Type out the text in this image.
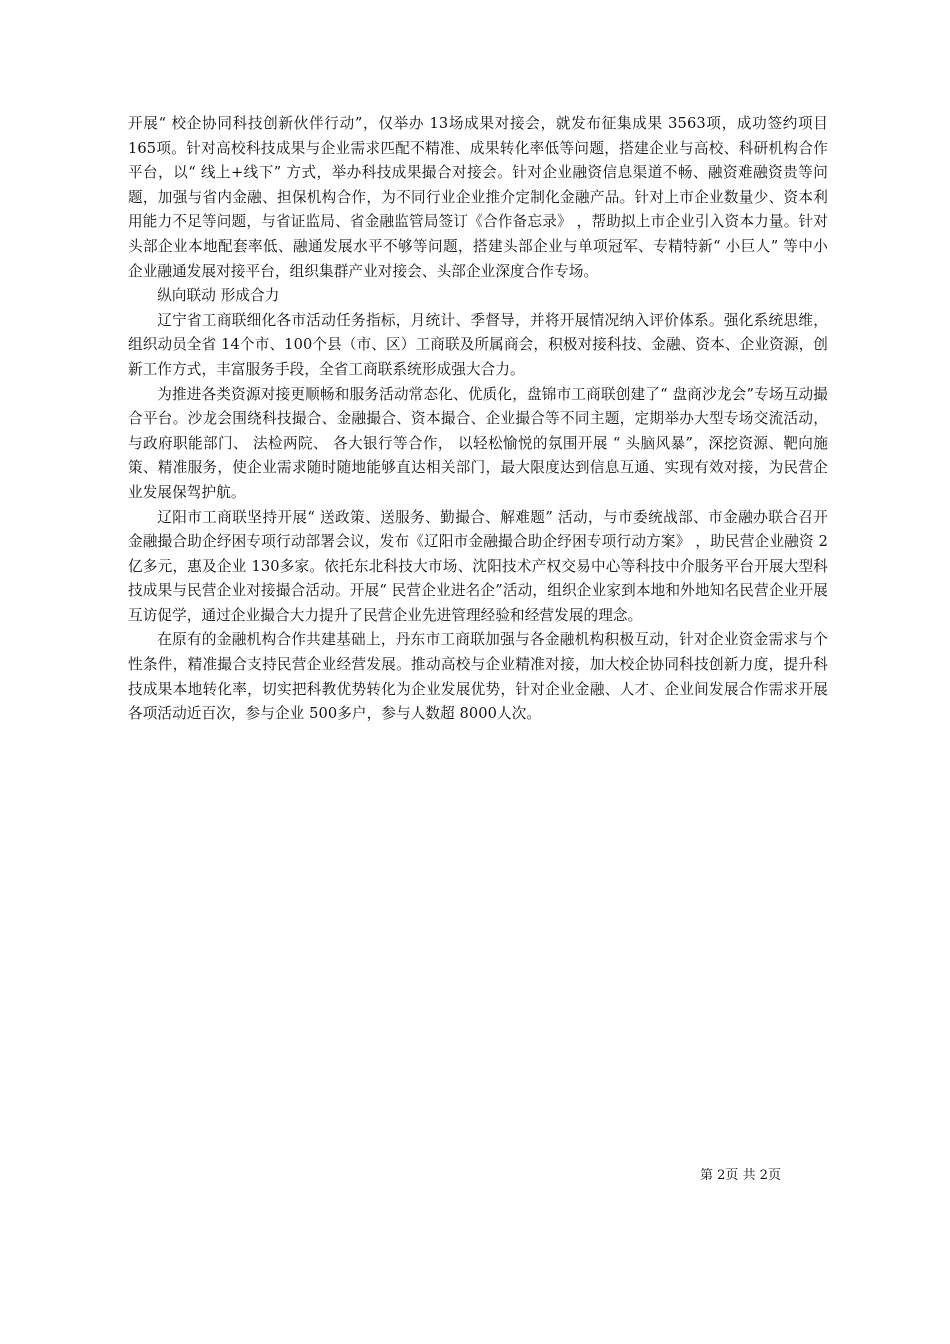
开展“ 校企协同科技创新伙伴行动”，仅举办 13场成果对接会，就发布征集成果 3563项，成功签约项目 165项。针对高校科技成果与企业需求匹配不精准、成果转化率低等问题，搭建企业与高校、科研机构合作平台，以“ 线上+线下” 方式，举办科技成果撮合对接会。针对企业融资信息渠道不畅、融资难融资贵等问题，加强与省内金融、担保机构合作，为不同行业企业推介定制化金融产品。针对上市企业数量少、资本利用能力不足等问题，与省证监局、省金融监管局签订《合作备忘录》 ，帮助拟上市企业引入资本力量。针对头部企业本地配套率低、融通发展水平不够等问题，搭建头部企业与单项冠军、专精特新“ 小巨人” 等中小企业融通发展对接平台，组织集群产业对接会、头部企业深度合作专场。

纵向联动 形成合力

辽宁省工商联细化各市活动任务指标，月统计、季督导，并将开展情况纳入评价体系。强化系统思维，组织动员全省 14个市、100个县（市、区）工商联及所属商会，积极对接科技、金融、资本、企业资源，创新工作方式，丰富服务手段，全省工商联系统形成强大合力。

为推进各类资源对接更顺畅和服务活动常态化、优质化，盘锦市工商联创建了“ 盘商沙龙会”专场互动撮合平台。沙龙会围绕科技撮合、金融撮合、资本撮合、企业撮合等不同主题，定期举办大型专场交流活动， 与政府职能部门、 法检两院、 各大银行等合作， 以轻松愉悦的氛围开展 “ 头脑风暴”，深挖资源、靶向施策、精准服务，使企业需求随时随地能够直达相关部门，最大限度达到信息互通、实现有效对接，为民营企业发展保驾护航。

辽阳市工商联坚持开展“ 送政策、送服务、勤撮合、解难题” 活动，与市委统战部、市金融办联合召开金融撮合助企纾困专项行动部署会议，发布《辽阳市金融撮合助企纾困专项行动方案》 ，助民营企业融资 2亿多元，惠及企业 130多家。依托东北科技大市场、沈阳技术产权交易中心等科技中介服务平台开展大型科技成果与民营企业对接撮合活动。开展“ 民营企业进名企”活动，组织企业家到本地和外地知名民营企业开展互访促学，通过企业撮合大力提升了民营企业先进管理经验和经营发展的理念。

在原有的金融机构合作共建基础上，丹东市工商联加强与各金融机构积极互动，针对企业资金需求与个性条件，精准撮合支持民营企业经营发展。推动高校与企业精准对接，加大校企协同科技创新力度，提升科技成果本地转化率，切实把科教优势转化为企业发展优势，针对企业金融、人才、企业间发展合作需求开展各项活动近百次，参与企业 500多户，参与人数超 8000人次。

第 2页 共 2页
